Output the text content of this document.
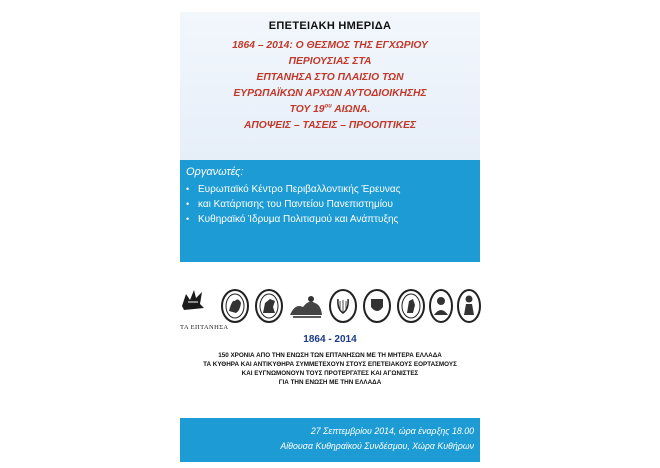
ΕΠΕΤΕΙΑΚΗ ΗΜΕΡΙΔΑ
1864 – 2014: Ο ΘΕΣΜΟΣ ΤΗΣ ΕΓΧΩΡΙΟΥ
ΠΕΡΙΟΥΣΙΑΣ ΣΤΑ
ΕΠΤΑΝΗΣΑ ΣΤΟ ΠΛΑΙΣΙΟ ΤΩΝ
ΕΥΡΩΠΑΪΚΩΝ ΑΡΧΩΝ ΑΥΤΟΔΙΟΙΚΗΣΗΣ
ΤΟΥ $19^{o\upsilon}$ ΑΙΩΝΑ.
ΑΠΟΨΕΙΣ – ΤΑΣΕΙΣ – ΠΡΟΟΠΤΙΚΕΣ
Οργανωτές:
• Ευρωπαϊκό Κέντρο Περιβαλλοντικής Έρευνας
• και Κατάρτισης του Παντείου Πανεπιστημίου
• Κυθηραϊκό Ίδρυμα Πολιτισμού και Ανάπτυξης
ΤΑ ΕΠΤΑΝΗΣΑ
1864 - 2014
150 ΧΡΟΝΙΑ ΑΠΟ ΤΗΝ ΕΝΩΣΗ ΤΩΝ ΕΠΤΑΝΗΣΩΝ ΜΕ ΤΗ ΜΗΤΕΡΑ ΕΛΛΑΔΑ
ΤΑ ΚΥΘΗΡΑ ΚΑΙ ΑΝΤΙΚΥΘΗΡΑ ΣΥΜΜΕΤΕΧΟΥΝ ΣΤΟΥΣ ΕΠΕΤΕΙΑΚΟΥΣ ΕΟΡΤΑΣΜΟΥΣ
ΚΑΙ ΕΥΓΝΩΜΟΝΟΥΝ ΤΟΥΣ ΠΡΟΤΕΡΓΑΤΕΣ ΚΑΙ ΑΓΩΝΙΣΤΕΣ
ΓΙΑ ΤΗΝ ΕΝΩΣΗ ΜΕ ΤΗΝ ΕΛΛΑΔΑ
27 Σεπτεμβρίου 2014, ώρα έναρξης 18.00
Αίθουσα Κυθηραϊκού Συνδέσμου, Χώρα Κυθήρων
